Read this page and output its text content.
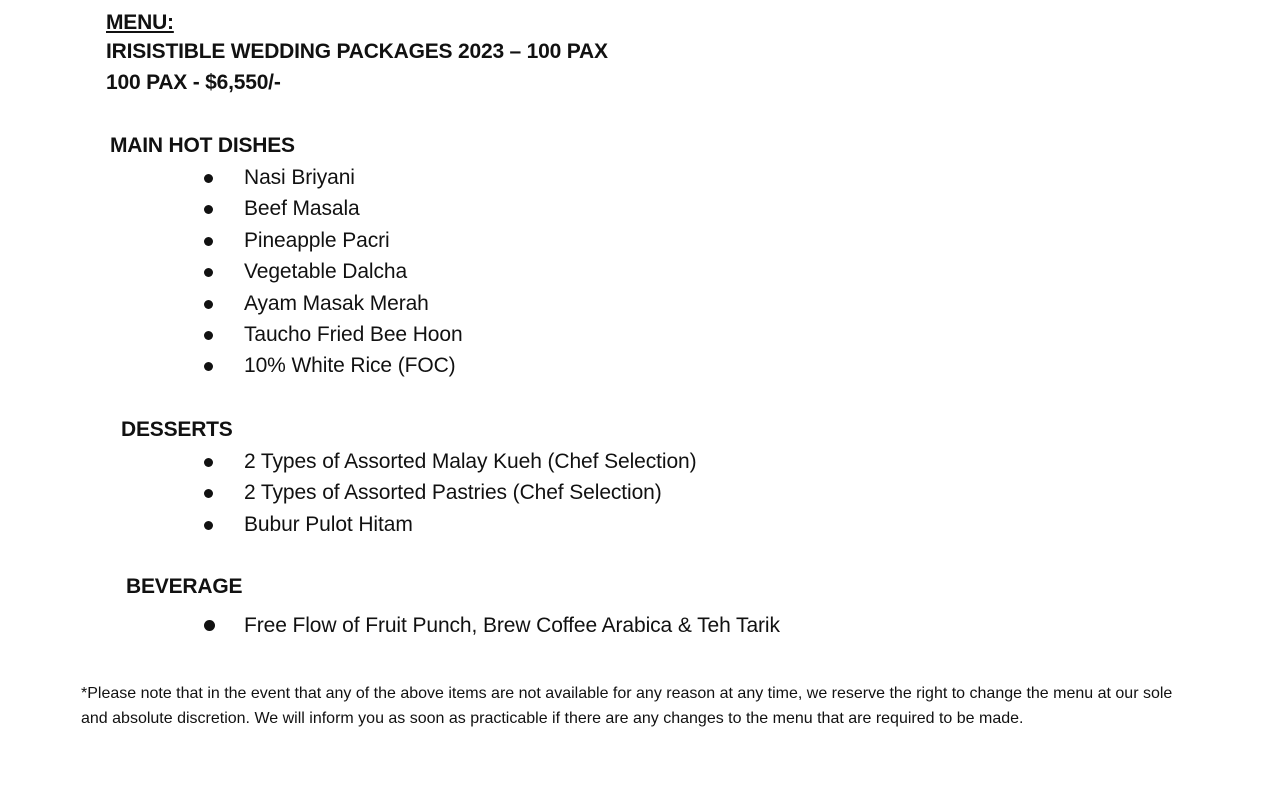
MENU:
IRISISTIBLE WEDDING PACKAGES 2023 – 100 PAX
100 PAX - $6,550/-
MAIN HOT DISHES
Nasi Briyani
Beef Masala
Pineapple Pacri
Vegetable Dalcha
Ayam Masak Merah
Taucho Fried Bee Hoon
10% White Rice (FOC)
DESSERTS
2 Types of Assorted Malay Kueh (Chef Selection)
2 Types of Assorted Pastries (Chef Selection)
Bubur Pulot Hitam
BEVERAGE
Free Flow of Fruit Punch, Brew Coffee Arabica & Teh Tarik
*Please note that in the event that any of the above items are not available for any reason at any time, we reserve the right to change the menu at our sole and absolute discretion. We will inform you as soon as practicable if there are any changes to the menu that are required to be made.
